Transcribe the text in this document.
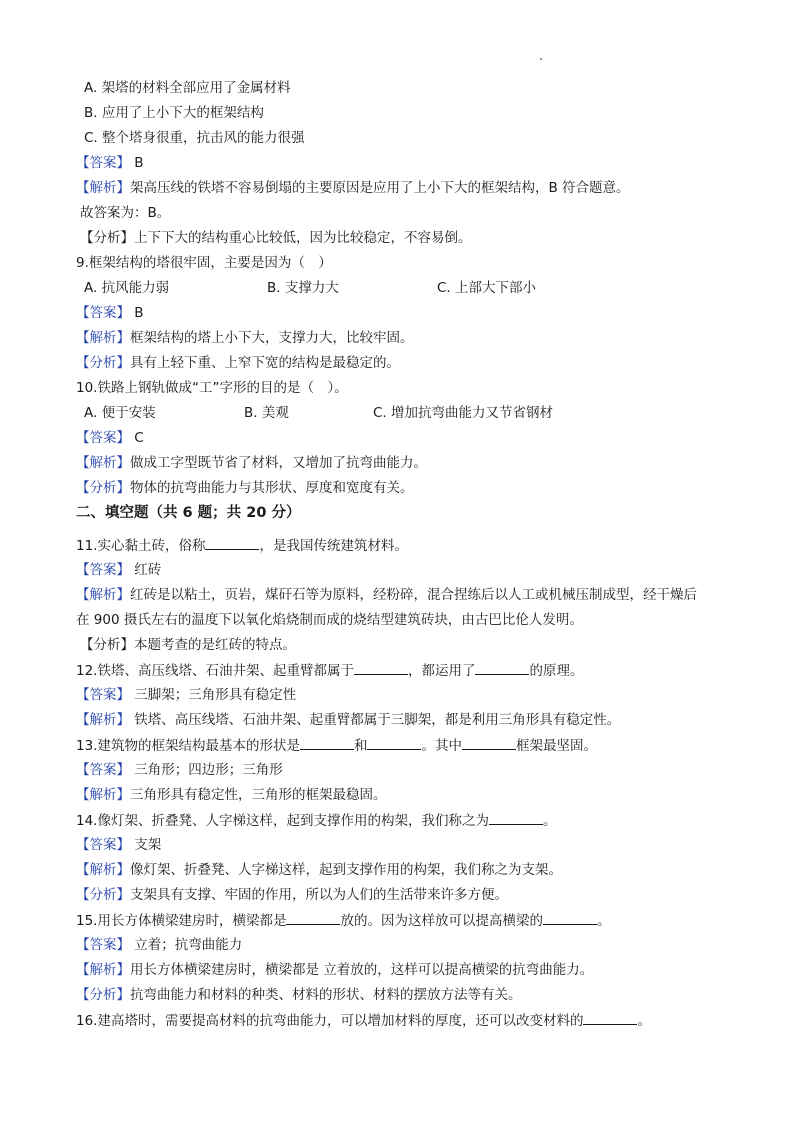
A. 架塔的材料全部应用了金属材料
B. 应用了上小下大的框架结构
C. 整个塔身很重，抗击风的能力很强
【答案】 B
【解析】架高压线的铁塔不容易倒塌的主要原因是应用了上小下大的框架结构，B 符合题意。
故答案为：B。
【分析】上下下大的结构重心比较低，因为比较稳定，不容易倒。
9.框架结构的塔很牢固，主要是因为（　）
A. 抗风能力弱	B. 支撑力大	C. 上部大下部小
【答案】 B
【解析】框架结构的塔上小下大，支撑力大，比较牢固。
【分析】具有上轻下重、上窄下宽的结构是最稳定的。
10.铁路上钢轨做成“工”字形的目的是（　）。
A. 便于安装	B. 美观	C. 增加抗弯曲能力又节省钢材
【答案】 C
【解析】做成工字型既节省了材料，又增加了抗弯曲能力。
【分析】物体的抗弯曲能力与其形状、厚度和宽度有关。
二、填空题（共 6 题；共 20 分）
11.实心黏土砖，俗称	，是我国传统建筑材料。
【答案】 红砖
【解析】红砖是以粘土，页岩，煤矸石等为原料，经粉碎，混合捏练后以人工或机械压制成型，经干燥后
在 900 摄氏左右的温度下以氧化焰烧制而成的烧结型建筑砖块，由古巴比伦人发明。
【分析】本题考查的是红砖的特点。
12.铁塔、高压线塔、石油井架、起重臂都属于	，都运用了	的原理。
【答案】 三脚架；三角形具有稳定性
【解析】 铁塔、高压线塔、石油井架、起重臂都属于三脚架，都是利用三角形具有稳定性。
13.建筑物的框架结构最基本的形状是	和	。其中	框架最坚固。
【答案】 三角形；四边形；三角形
【解析】三角形具有稳定性，三角形的框架最稳固。
14.像灯架、折叠凳、人字梯这样，起到支撑作用的构架，我们称之为	。
【答案】 支架
【解析】像灯架、折叠凳、人字梯这样，起到支撑作用的构架，我们称之为支架。
【分析】支架具有支撑、牢固的作用，所以为人们的生活带来许多方便。
15.用长方体横梁建房时，横梁都是	放的。因为这样放可以提高横梁的	。
【答案】 立着；抗弯曲能力
【解析】用长方体横梁建房时，横梁都是 立着放的，这样可以提高横梁的抗弯曲能力。
【分析】抗弯曲能力和材料的种类、材料的形状、材料的摆放方法等有关。
16.建高塔时，需要提高材料的抗弯曲能力，可以增加材料的厚度，还可以改变材料的	。
